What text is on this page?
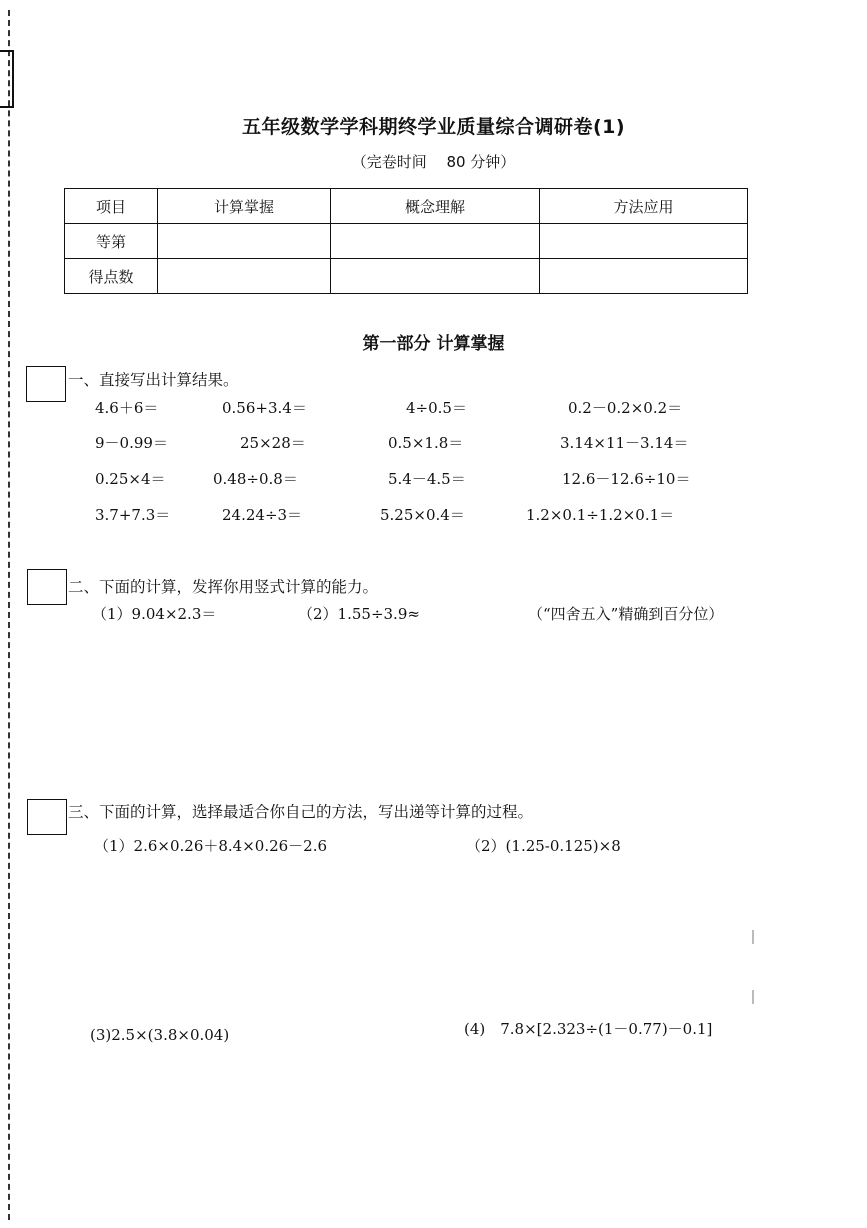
五年级数学学科期终学业质量综合调研卷(1)
（完卷时间　 80 分钟）
项目	计算掌握	概念理解	方法应用
等第			
得点数			
第一部分 计算掌握
一、直接写出计算结果。
4.6＋6＝	0.56+3.4＝	4÷0.5＝	0.2－0.2×0.2＝
9－0.99＝	25×28＝	0.5×1.8＝	3.14×11－3.14＝
0.25×4＝	0.48÷0.8＝	5.4－4.5＝	12.6－12.6÷10＝
3.7+7.3＝	24.24÷3＝	5.25×0.4＝	1.2×0.1÷1.2×0.1＝
二、下面的计算，发挥你用竖式计算的能力。
（1）9.04×2.3＝	（2）1.55÷3.9≈	（“四舍五入”精确到百分位）
三、下面的计算，选择最适合你自己的方法，写出递等计算的过程。
（1）2.6×0.26＋8.4×0.26－2.6	（2）(1.25-0.125)×8
(3)2.5×(3.8×0.04)	(4)　7.8×[2.323÷(1－0.77)－0.1]
